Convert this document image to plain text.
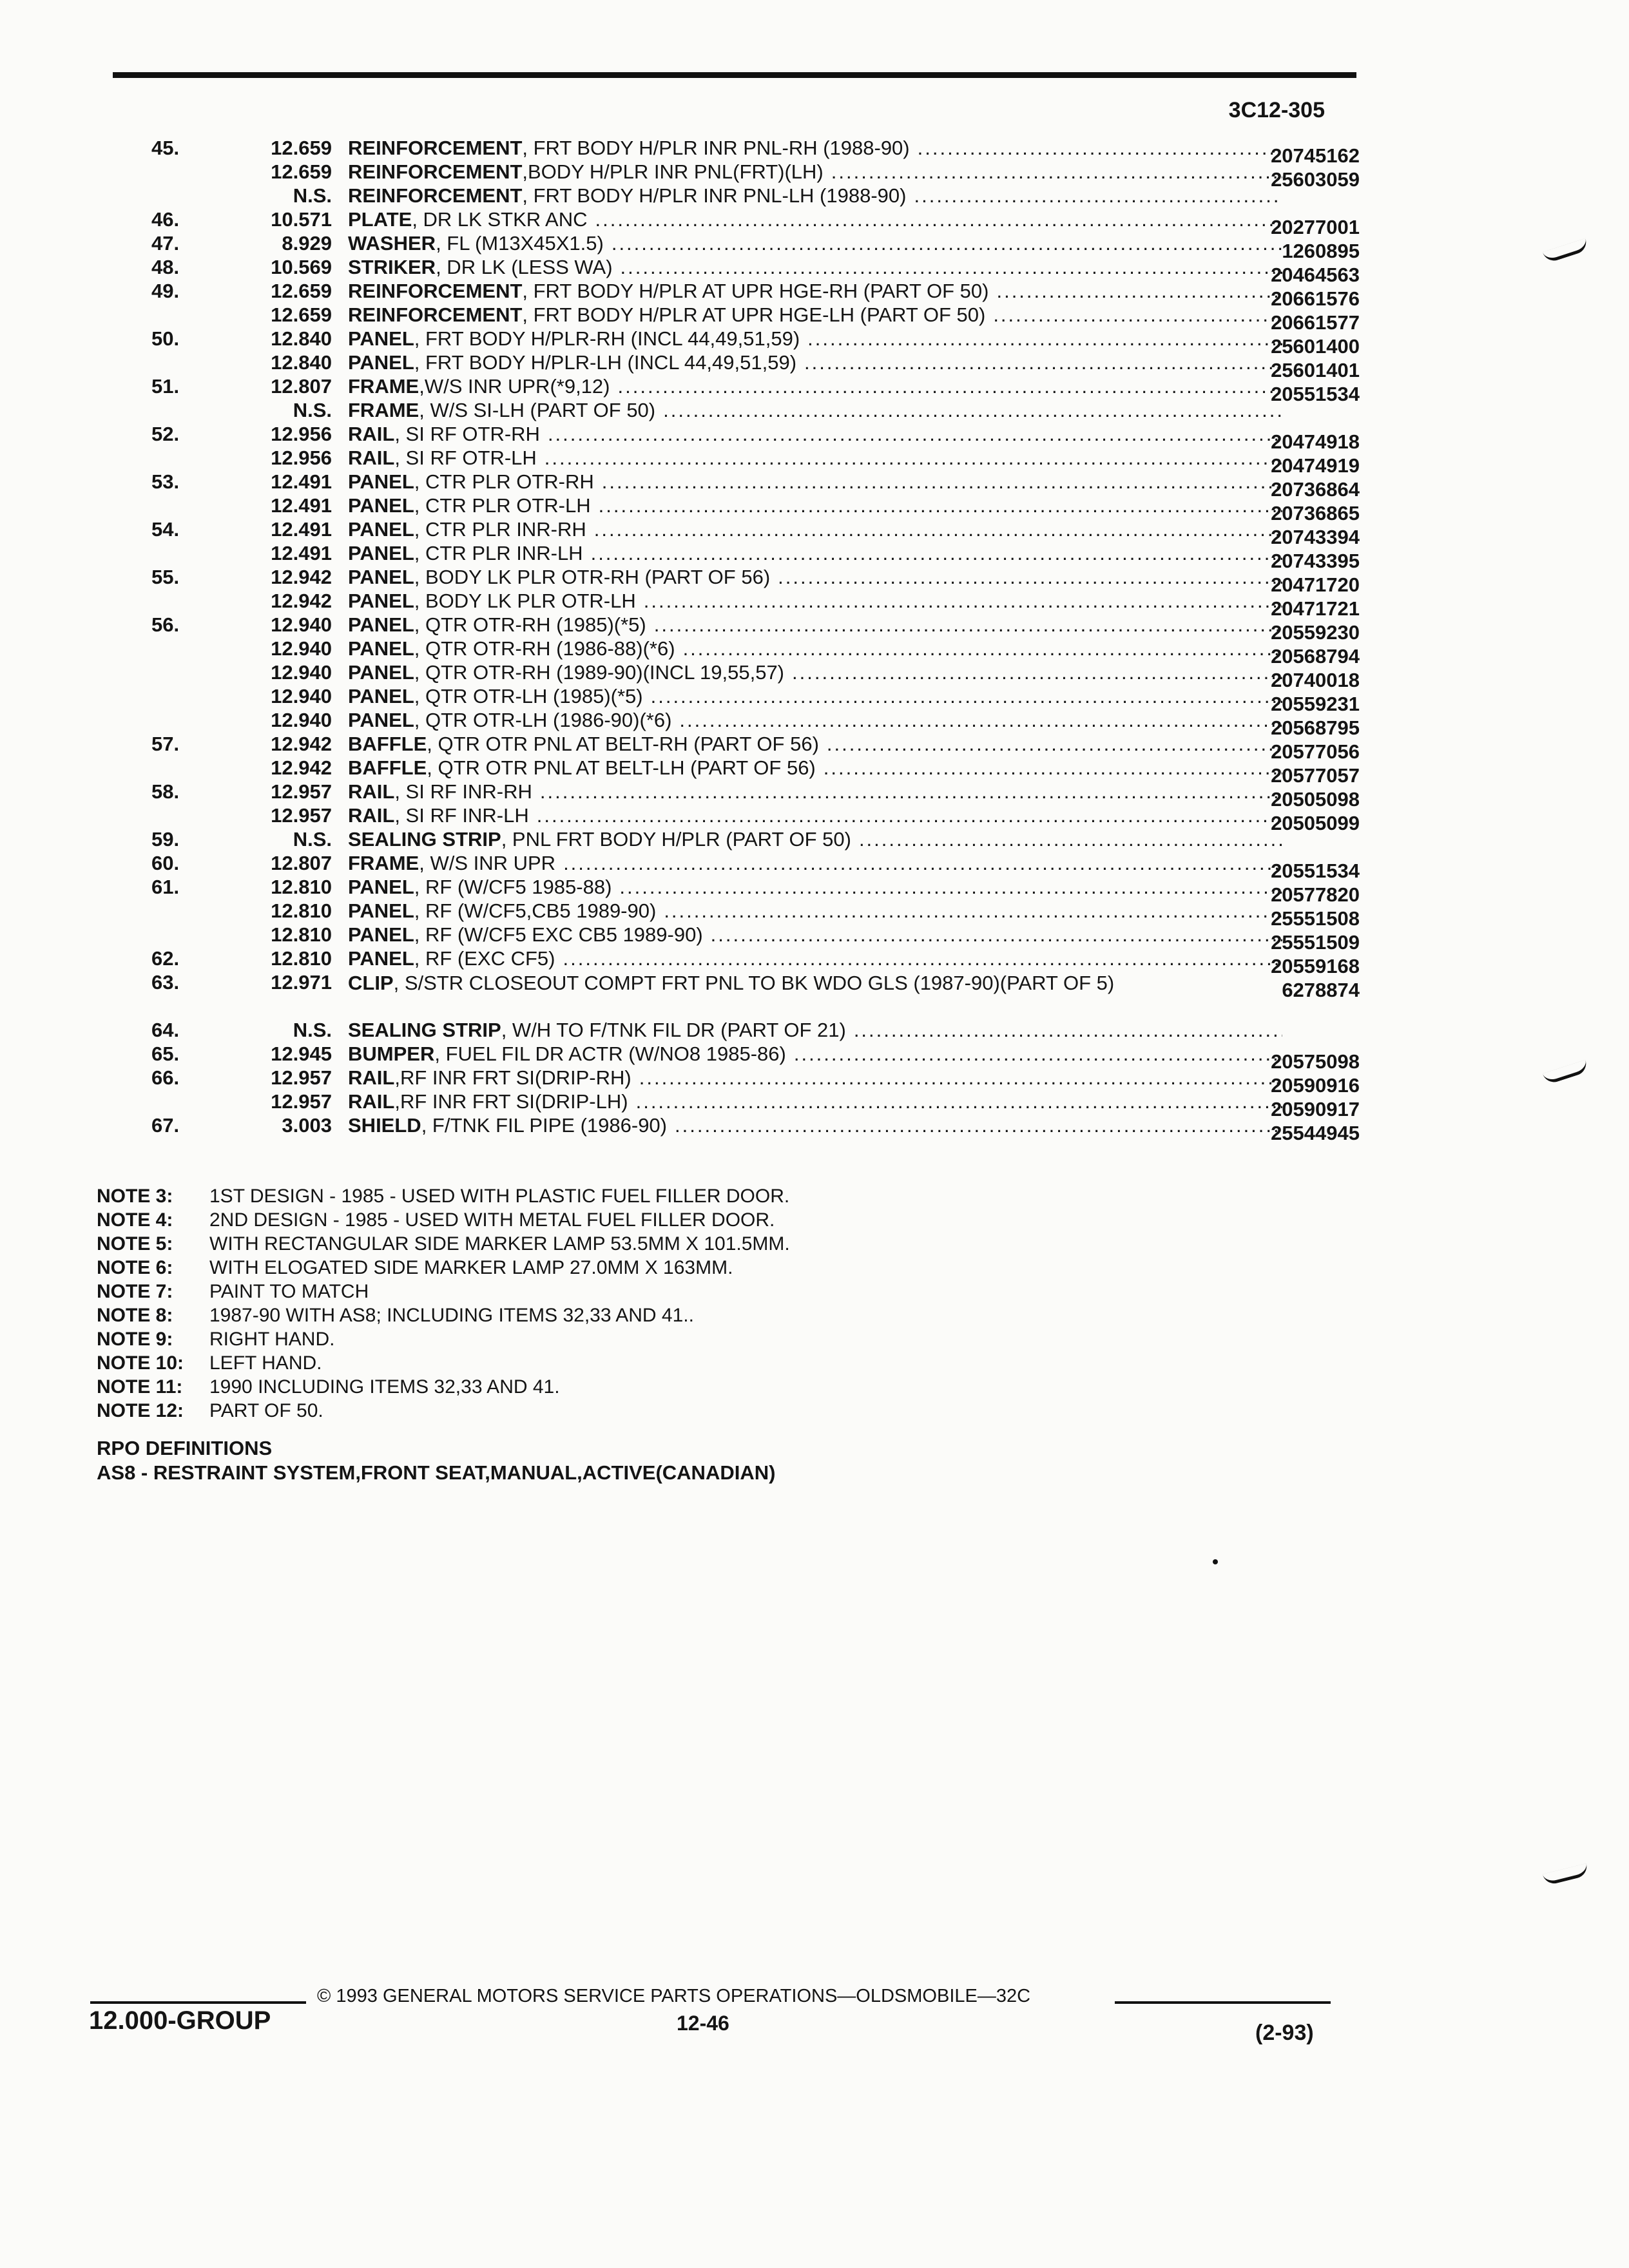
3C12-305
45.	12.659 REINFORCEMENT , FRT BODY H/PLR INR PNL-RH (1988-90) .....	20745162
12.659 REINFORCEMENT ,BODY H/PLR INR PNL(FRT)(LH) .....	25603059
N.S. REINFORCEMENT , FRT BODY H/PLR INR PNL-LH (1988-90)
.....
46.	10.571 PLATE , DR LK STKR ANC .....	20277001
47.	8.929 WASHER , FL (M13X45X1.5) .....	1260895
48.	10.569 STRIKER , DR LK (LESS WA) .....	20464563
49.	12.659 REINFORCEMENT , FRT BODY H/PLR AT UPR HGE-RH (PART OF 50) .....	20661576
12.659 REINFORCEMENT , FRT BODY H/PLR AT UPR HGE-LH (PART OF 50) .....	20661577
50.	12.840 PANEL , FRT BODY H/PLR-RH (INCL 44,49,51,59) .....	25601400
12.840 PANEL , FRT BODY H/PLR-LH (INCL 44,49,51,59) .....	25601401
51.	12.807 FRAME ,W/S INR UPR(*9,12) .....	20551534
N.S. FRAME , W/S SI-LH (PART OF 50)
.....
52.	12.956 RAIL , SI RF OTR-RH .....	20474918
12.956 RAIL , SI RF OTR-LH .....	20474919
53.	12.491 PANEL , CTR PLR OTR-RH .....	20736864
12.491 PANEL , CTR PLR OTR-LH .....	20736865
54.	12.491 PANEL , CTR PLR INR-RH .....	20743394
12.491 PANEL , CTR PLR INR-LH .....	20743395
55.	12.942 PANEL , BODY LK PLR OTR-RH (PART OF 56) .....	20471720
12.942 PANEL , BODY LK PLR OTR-LH .....	20471721
56.	12.940 PANEL , QTR OTR-RH (1985)(*5) .....	20559230
12.940 PANEL , QTR OTR-RH (1986-88)(*6) .....	20568794
12.940 PANEL , QTR OTR-RH (1989-90)(INCL 19,55,57) .....	20740018
12.940 PANEL , QTR OTR-LH (1985)(*5) .....	20559231
12.940 PANEL , QTR OTR-LH (1986-90)(*6) .....	20568795
57.	12.942 BAFFLE , QTR OTR PNL AT BELT-RH (PART OF 56) .....	20577056
12.942 BAFFLE , QTR OTR PNL AT BELT-LH (PART OF 56) .....	20577057
58.	12.957 RAIL , SI RF INR-RH .....	20505098
12.957 RAIL , SI RF INR-LH .....	20505099
59.	N.S. SEALING STRIP , PNL FRT BODY H/PLR (PART OF 50)
.....
60.	12.807 FRAME , W/S INR UPR .....	20551534
61.	12.810 PANEL , RF (W/CF5 1985-88) .....	20577820
12.810 PANEL , RF (W/CF5,CB5 1989-90) .....	25551508
12.810 PANEL , RF (W/CF5 EXC CB5 1989-90) .....	25551509
62.	12.810 PANEL , RF (EXC CF5) .....	20559168
63.	12.971 CLIP, S/STR CLOSEOUT COMPT FRT PNL TO BK WDO GLS (1987-90)(PART OF 5)	6278874
64.	N.S. SEALING STRIP , W/H TO F/TNK FIL DR (PART OF 21)
.....
65.	12.945 BUMPER , FUEL FIL DR ACTR (W/NO8 1985-86) .....	20575098
66.	12.957 RAIL ,RF INR FRT SI(DRIP-RH) .....	20590916
12.957 RAIL ,RF INR FRT SI(DRIP-LH) .....	20590917
67.	3.003 SHIELD , F/TNK FIL PIPE (1986-90) .....	25544945
NOTE 3: 1ST DESIGN - 1985 - USED WITH PLASTIC FUEL FILLER DOOR.
NOTE 4: 2ND DESIGN - 1985 - USED WITH METAL FUEL FILLER DOOR.
NOTE 5: WITH RECTANGULAR SIDE MARKER LAMP 53.5MM X 101.5MM.
NOTE 6: WITH ELOGATED SIDE MARKER LAMP 27.0MM X 163MM.
NOTE 7: PAINT TO MATCH
NOTE 8: 1987-90 WITH AS8; INCLUDING ITEMS 32,33 AND 41..
NOTE 9: RIGHT HAND.
NOTE 10: LEFT HAND.
NOTE 11: 1990 INCLUDING ITEMS 32,33 AND 41.
NOTE 12: PART OF 50.
RPO DEFINITIONS
AS8 - RESTRAINT SYSTEM,FRONT SEAT,MANUAL,ACTIVE(CANADIAN)
© 1993 GENERAL MOTORS SERVICE PARTS OPERATIONS—OLDSMOBILE—32C
12.000-GROUP	12-46	(2-93)
